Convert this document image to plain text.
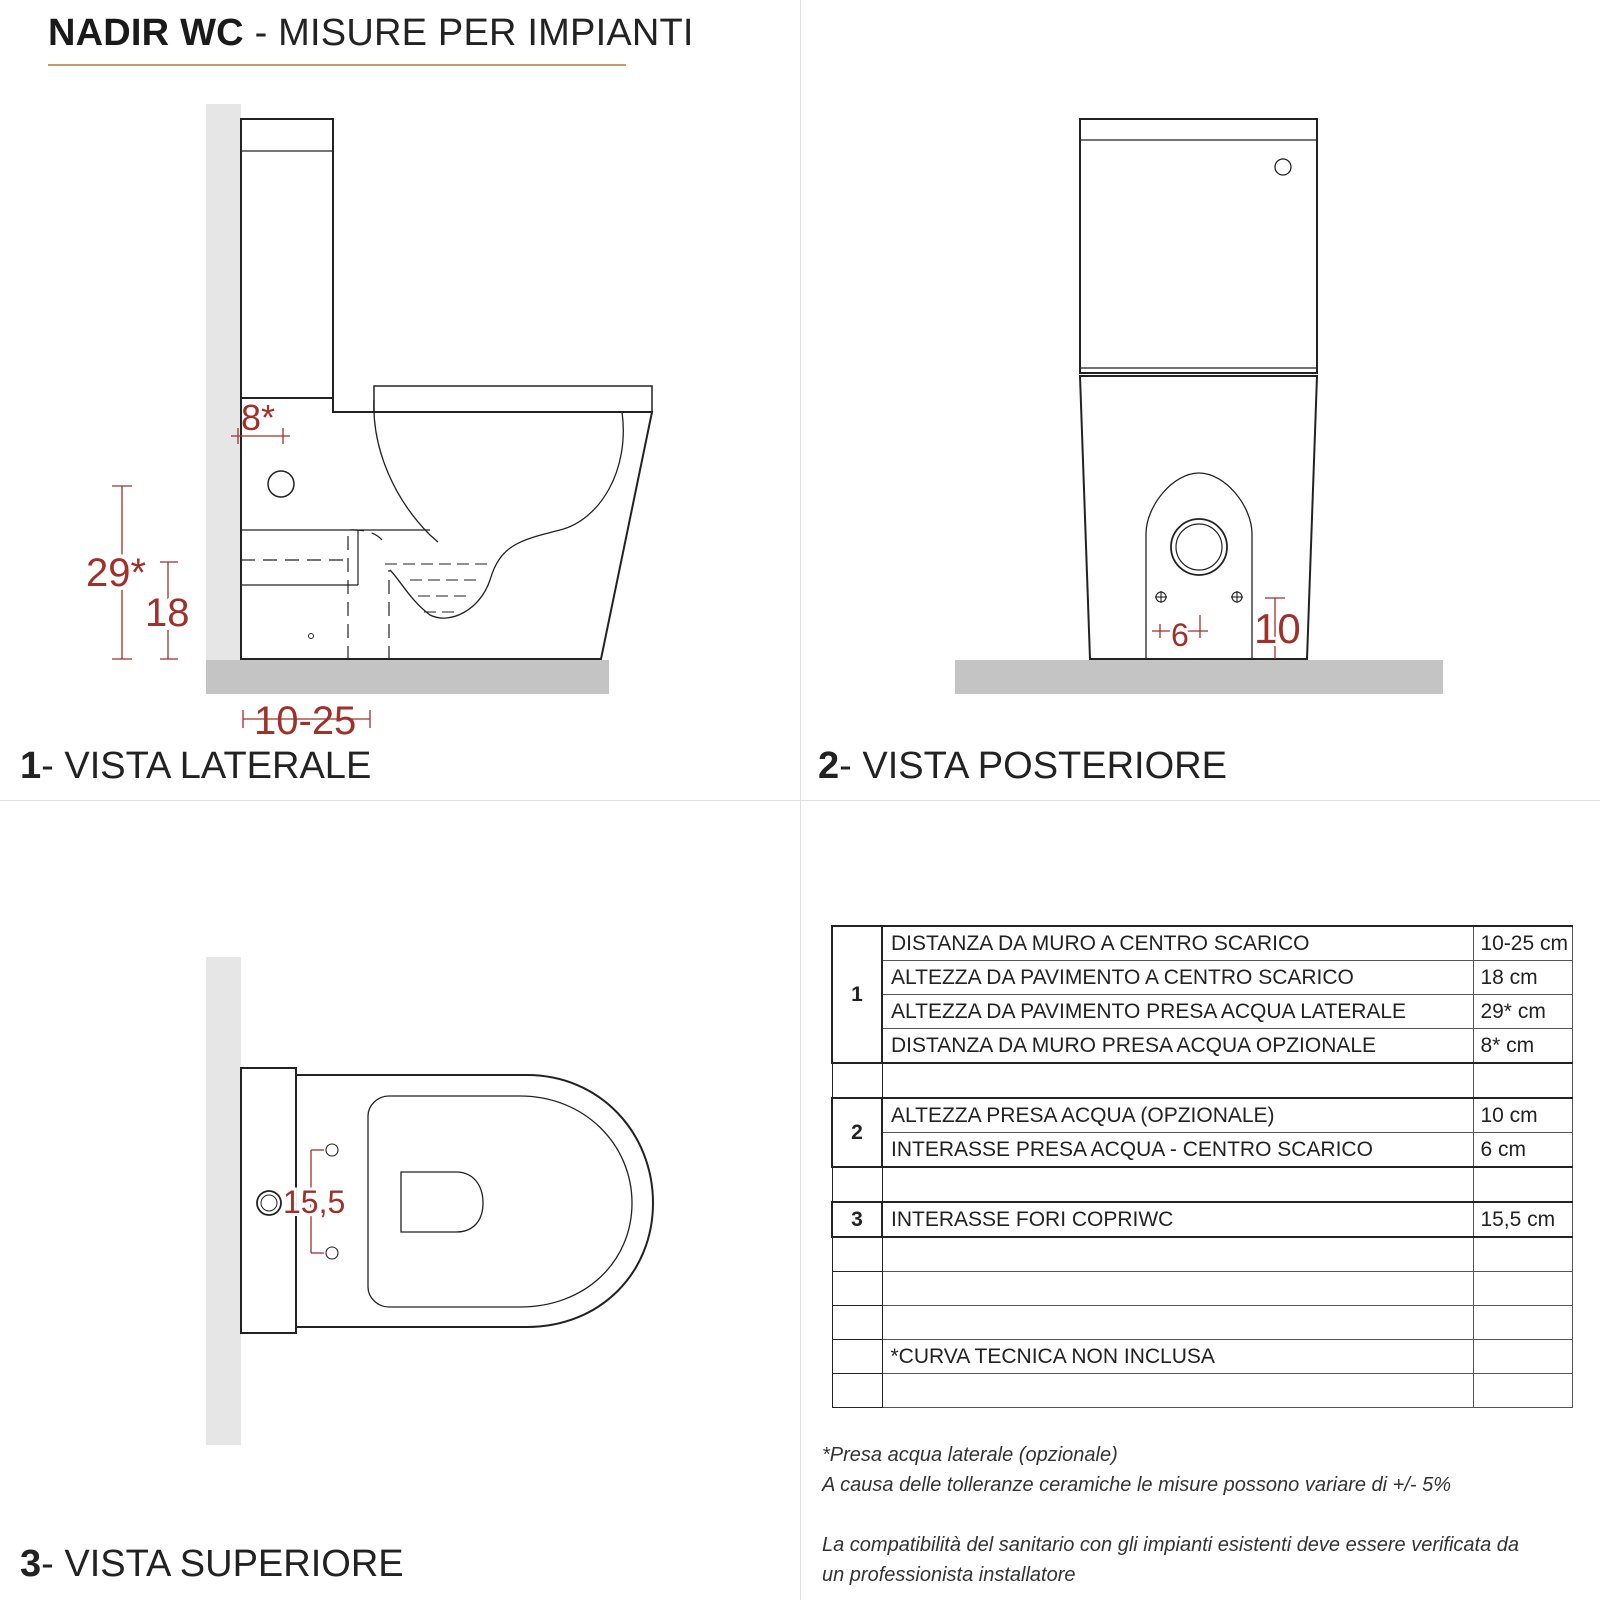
NADIR WC - MISURE PER IMPIANTI
8*
29*
18
10-25
6 10
15,5
1- VISTA LATERALE	2- VISTA POSTERIORE
3- VISTA SUPERIORE
1	DISTANZA DA MURO A CENTRO SCARICO	10-25 cm
	ALTEZZA DA PAVIMENTO A CENTRO SCARICO	18 cm
	ALTEZZA DA PAVIMENTO PRESA ACQUA LATERALE	29* cm
	DISTANZA DA MURO PRESA ACQUA OPZIONALE	8* cm

2	ALTEZZA PRESA ACQUA (OPZIONALE)	10 cm
	INTERASSE PRESA ACQUA - CENTRO SCARICO	6 cm

3	INTERASSE FORI COPRIWC	15,5 cm

	*CURVA TECNICA NON INCLUSA	

*Presa acqua laterale (opzionale)
A causa delle tolleranze ceramiche le misure possono variare di +/- 5%
La compatibilità del sanitario con gli impianti esistenti deve essere verificata da
un professionista installatore
